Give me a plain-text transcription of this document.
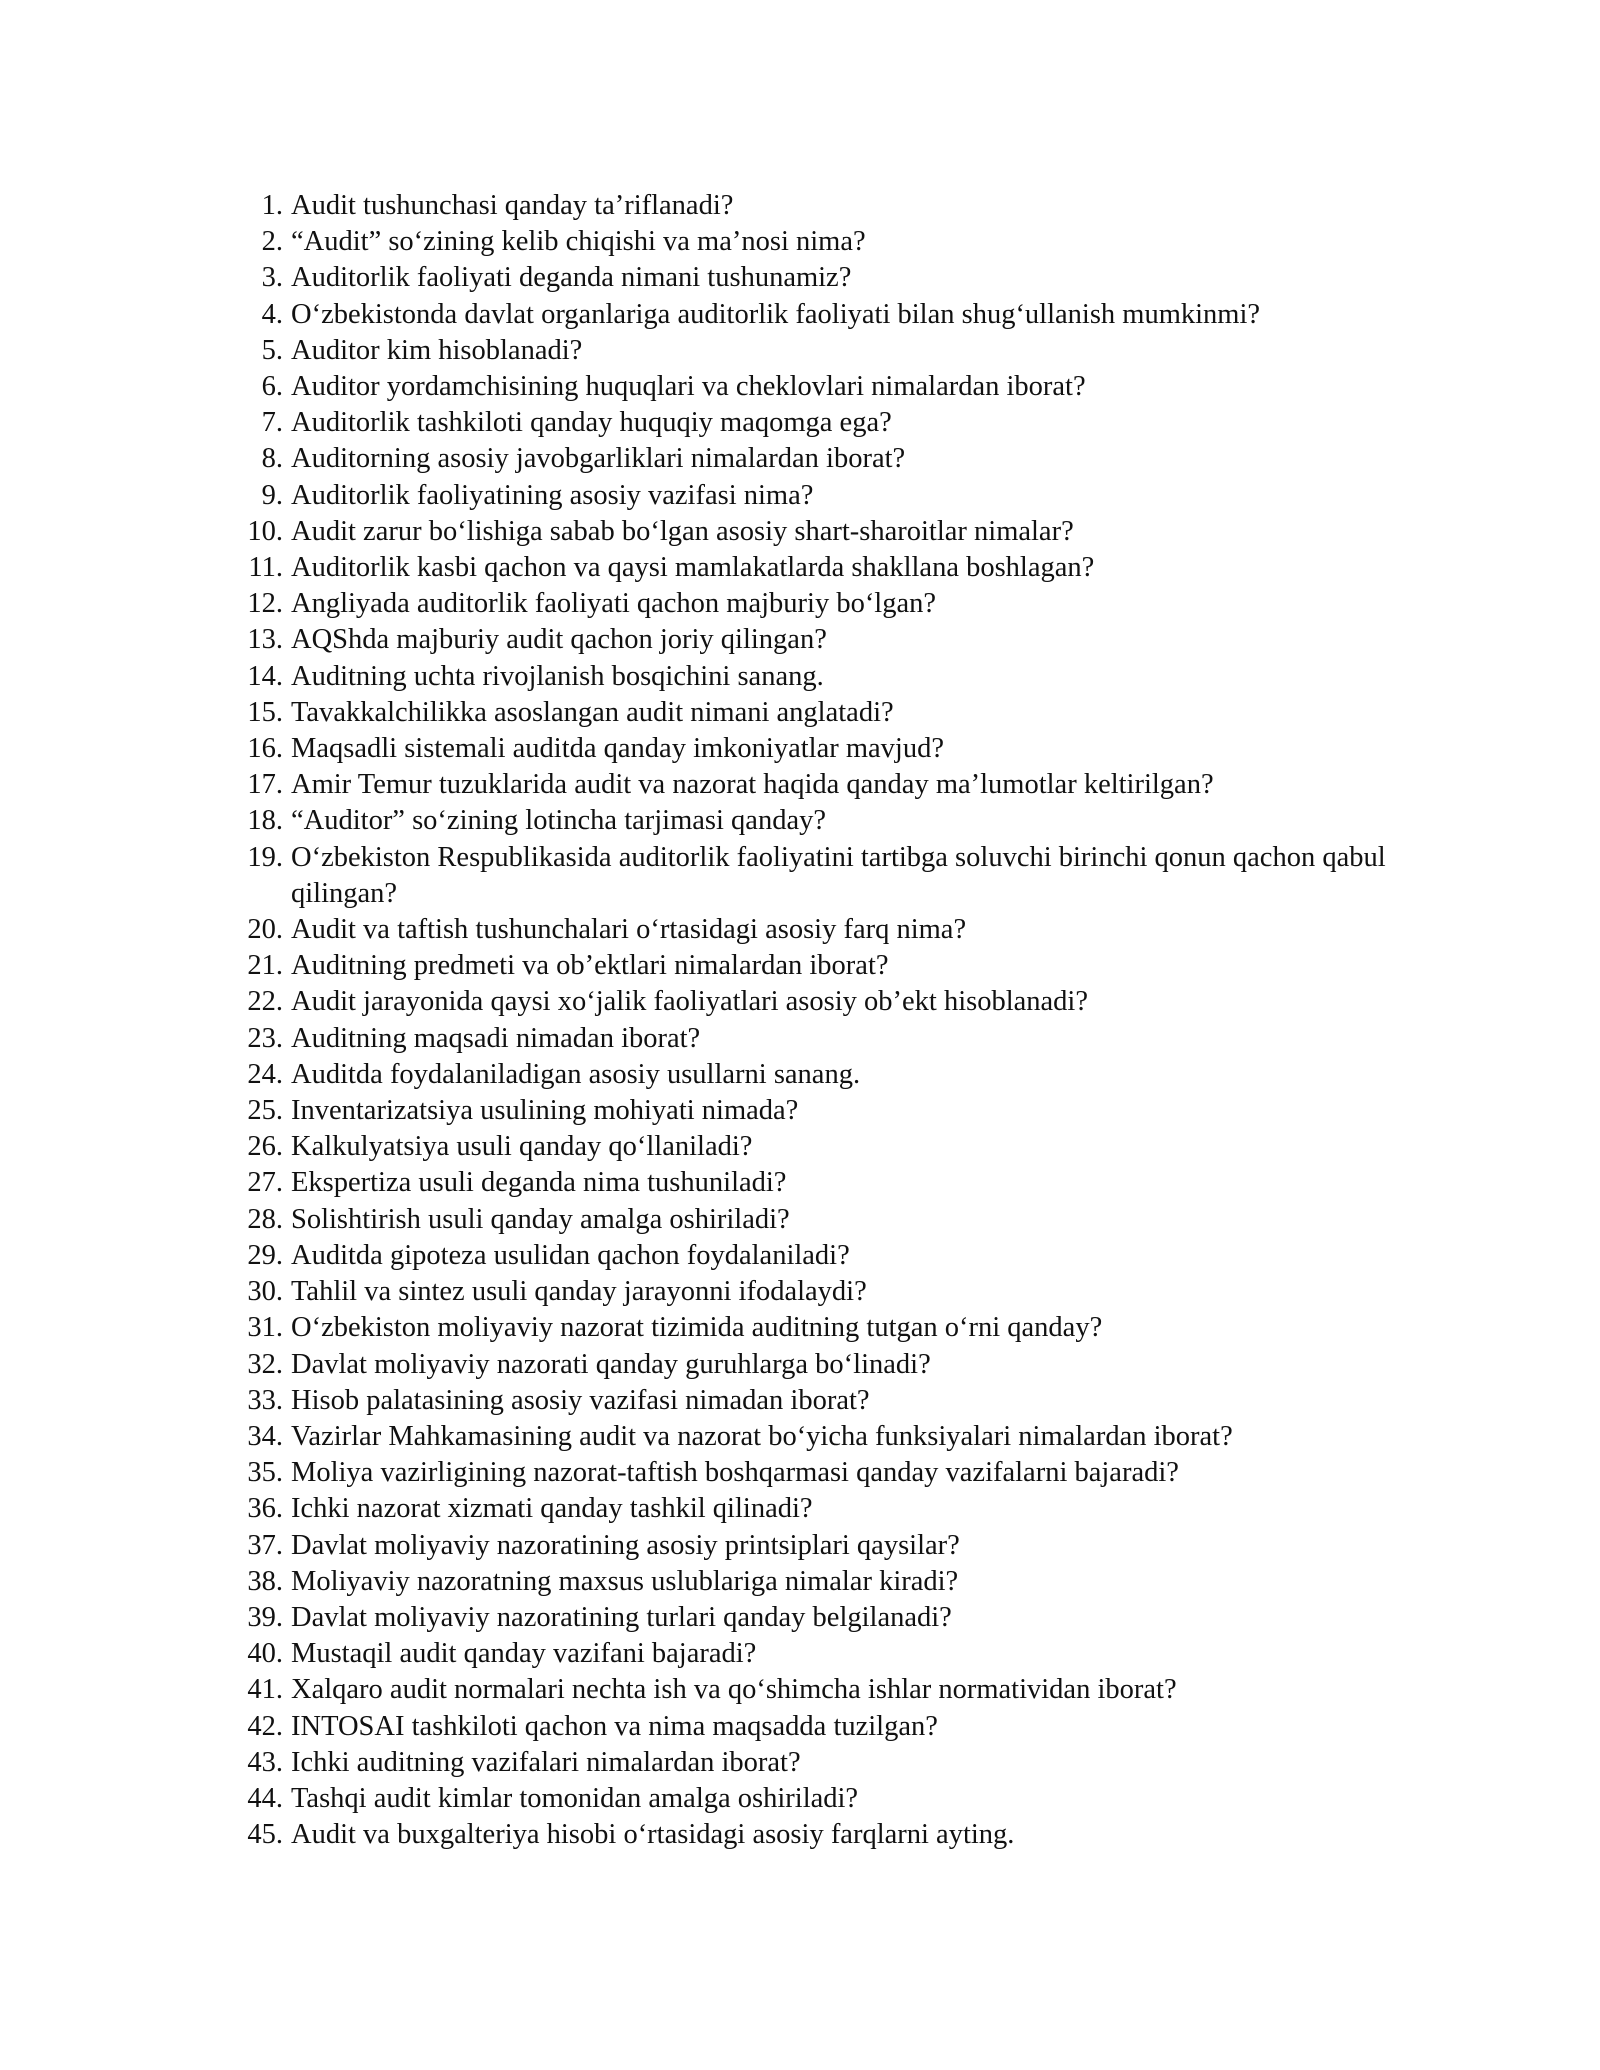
1. Audit tushunchasi qanday ta’riflanadi?
2. “Audit” so‘zining kelib chiqishi va ma’nosi nima?
3. Auditorlik faoliyati deganda nimani tushunamiz?
4. O‘zbekistonda davlat organlariga auditorlik faoliyati bilan shug‘ullanish mumkinmi?
5. Auditor kim hisoblanadi?
6. Auditor yordamchisining huquqlari va cheklovlari nimalardan iborat?
7. Auditorlik tashkiloti qanday huquqiy maqomga ega?
8. Auditorning asosiy javobgarliklari nimalardan iborat?
9. Auditorlik faoliyatining asosiy vazifasi nima?
10. Audit zarur bo‘lishiga sabab bo‘lgan asosiy shart-sharoitlar nimalar?
11. Auditorlik kasbi qachon va qaysi mamlakatlarda shakllana boshlagan?
12. Angliyada auditorlik faoliyati qachon majburiy bo‘lgan?
13. AQShda majburiy audit qachon joriy qilingan?
14. Auditning uchta rivojlanish bosqichini sanang.
15. Tavakkalchilikka asoslangan audit nimani anglatadi?
16. Maqsadli sistemali auditda qanday imkoniyatlar mavjud?
17. Amir Temur tuzuklarida audit va nazorat haqida qanday ma’lumotlar keltirilgan?
18. “Auditor” so‘zining lotincha tarjimasi qanday?
19. O‘zbekiston Respublikasida auditorlik faoliyatini tartibga soluvchi birinchi qonun qachon qabul qilingan?
20. Audit va taftish tushunchalari o‘rtasidagi asosiy farq nima?
21. Auditning predmeti va ob’ektlari nimalardan iborat?
22. Audit jarayonida qaysi xo‘jalik faoliyatlari asosiy ob’ekt hisoblanadi?
23. Auditning maqsadi nimadan iborat?
24. Auditda foydalaniladigan asosiy usullarni sanang.
25. Inventarizatsiya usulining mohiyati nimada?
26. Kalkulyatsiya usuli qanday qo‘llaniladi?
27. Ekspertiza usuli deganda nima tushuniladi?
28. Solishtirish usuli qanday amalga oshiriladi?
29. Auditda gipoteza usulidan qachon foydalaniladi?
30. Tahlil va sintez usuli qanday jarayonni ifodalaydi?
31. O‘zbekiston moliyaviy nazorat tizimida auditning tutgan o‘rni qanday?
32. Davlat moliyaviy nazorati qanday guruhlarga bo‘linadi?
33. Hisob palatasining asosiy vazifasi nimadan iborat?
34. Vazirlar Mahkamasining audit va nazorat bo‘yicha funksiyalari nimalardan iborat?
35. Moliya vazirligining nazorat-taftish boshqarmasi qanday vazifalarni bajaradi?
36. Ichki nazorat xizmati qanday tashkil qilinadi?
37. Davlat moliyaviy nazoratining asosiy printsiplari qaysilar?
38. Moliyaviy nazoratning maxsus uslublariga nimalar kiradi?
39. Davlat moliyaviy nazoratining turlari qanday belgilanadi?
40. Mustaqil audit qanday vazifani bajaradi?
41. Xalqaro audit normalari nechta ish va qo‘shimcha ishlar normatividan iborat?
42. INTOSAI tashkiloti qachon va nima maqsadda tuzilgan?
43. Ichki auditning vazifalari nimalardan iborat?
44. Tashqi audit kimlar tomonidan amalga oshiriladi?
45. Audit va buxgalteriya hisobi o‘rtasidagi asosiy farqlarni ayting.
